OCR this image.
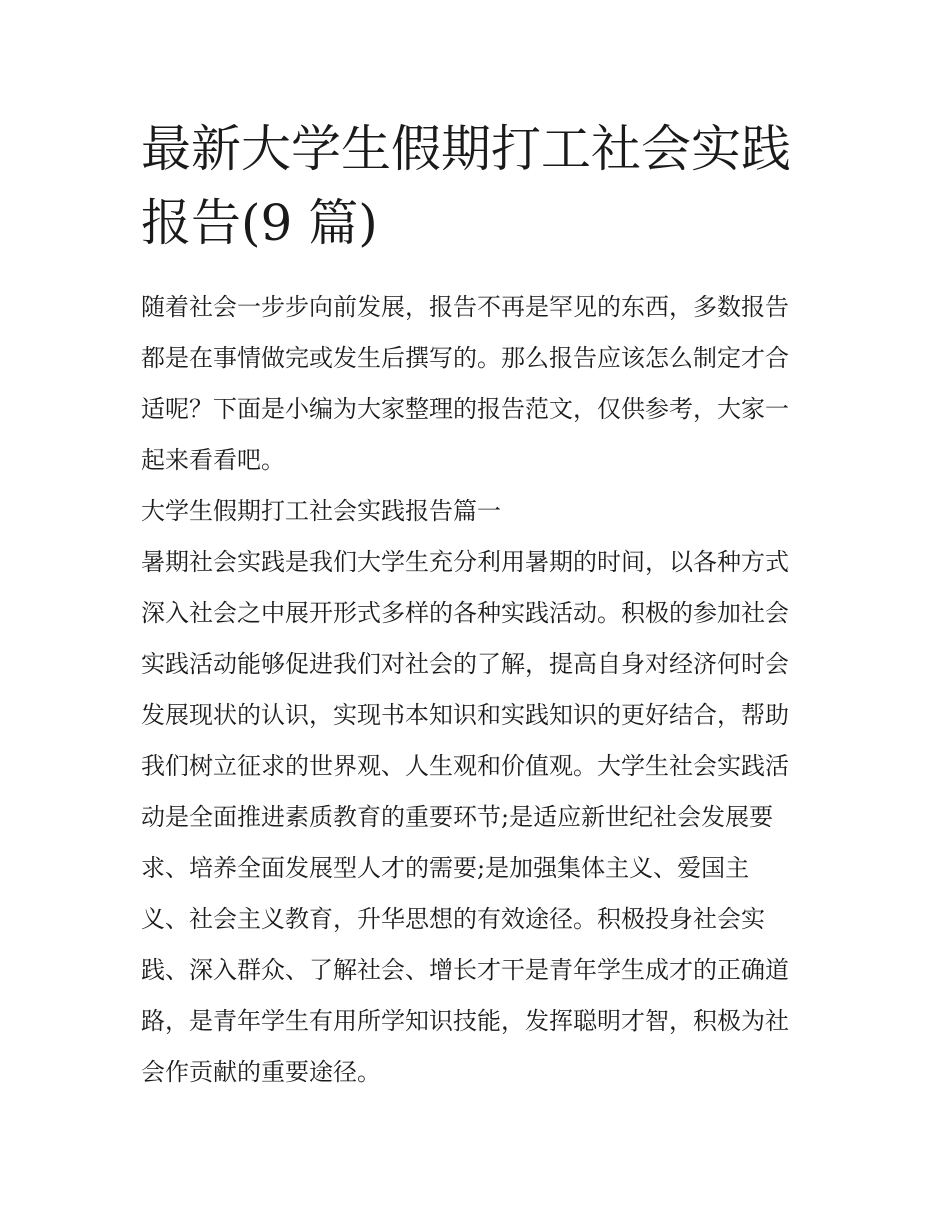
最新大学生假期打工社会实践
报告(9 篇)

随着社会一步步向前发展，报告不再是罕见的东西，多数报告
都是在事情做完或发生后撰写的。那么报告应该怎么制定才合
适呢？下面是小编为大家整理的报告范文，仅供参考，大家一
起来看看吧。

大学生假期打工社会实践报告篇一

暑期社会实践是我们大学生充分利用暑期的时间，以各种方式
深入社会之中展开形式多样的各种实践活动。积极的参加社会
实践活动能够促进我们对社会的了解，提高自身对经济何时会
发展现状的认识，实现书本知识和实践知识的更好结合，帮助
我们树立征求的世界观、人生观和价值观。大学生社会实践活
动是全面推进素质教育的重要环节;是适应新世纪社会发展要
求、培养全面发展型人才的需要;是加强集体主义、爱国主
义、社会主义教育，升华思想的有效途径。积极投身社会实
践、深入群众、了解社会、增长才干是青年学生成才的正确道
路，是青年学生有用所学知识技能，发挥聪明才智，积极为社
会作贡献的重要途径。
